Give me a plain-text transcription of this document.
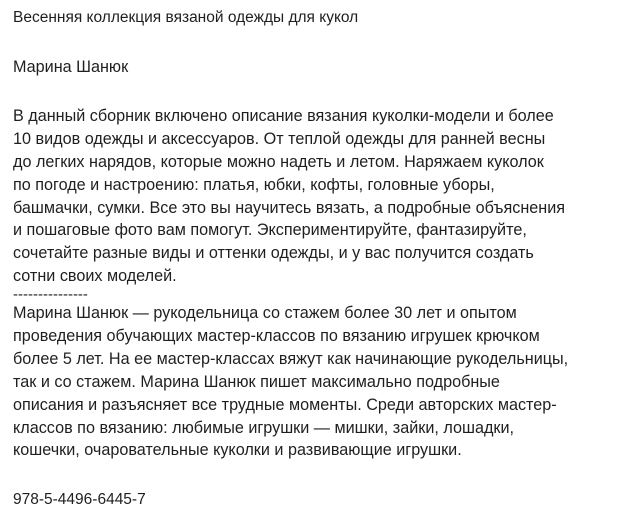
Весенняя коллекция вязаной одежды для кукол

Марина Шанюк

В данный сборник включено описание вязания куколки-модели и более
10 видов одежды и аксессуаров. От теплой одежды для ранней весны
до легких нарядов, которые можно надеть и летом. Наряжаем куколок
по погоде и настроению: платья, юбки, кофты, головные уборы,
башмачки, сумки. Все это вы научитесь вязать, а подробные объяснения
и пошаговые фото вам помогут. Экспериментируйте, фантазируйте,
сочетайте разные виды и оттенки одежды, и у вас получится создать
сотни своих моделей.
---------------
Марина Шанюк — рукодельница со стажем более 30 лет и опытом
проведения обучающих мастер-классов по вязанию игрушек крючком
более 5 лет. На ее мастер-классах вяжут как начинающие рукодельницы,
так и со стажем. Марина Шанюк пишет максимально подробные
описания и разъясняет все трудные моменты. Среди авторских мастер-
классов по вязанию: любимые игрушки — мишки, зайки, лошадки,
кошечки, очаровательные куколки и развивающие игрушки.

978-5-4496-6445-7
